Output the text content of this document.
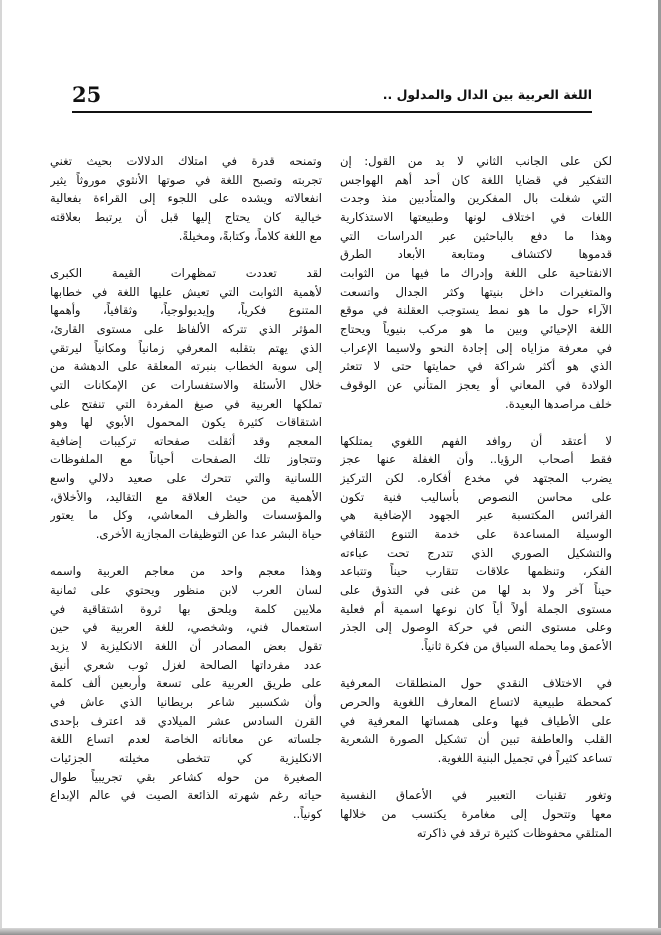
25	اللغة العربية بين الدال والمدلول ..

لكن على الجانب الثاني لا بد من القول: إن
التفكير في قضايا اللغة كان أحد أهم الهواجس
التي شغلت بال المفكرين والمتأدبين منذ وجدت
اللغات في اختلاف لونها وطبيعتها الاستذكارية
وهذا ما دفع بالباحثين عبر الدراسات التي
قدموها لاكتشاف ومتابعة الأبعاد الطرق
الانفتاحية على اللغة وإدراك ما فيها من الثوابت
والمتغيرات داخل بنيتها وكثر الجدال واتسعت
الآراء حول ما هو نمط يستوجب العقلنة في موقع
اللغة الإحيائي وبين ما هو مركب بنيوياً ويحتاج
في معرفة مزاياه إلى إجادة النحو ولاسيما الإعراب
الذي هو أكثر شراكة في حمايتها حتى لا تتعثر
الولادة في المعاني أو يعجز المتأني عن الوقوف
خلف مراصدها البعيدة.

لا أعتقد أن روافد الفهم اللغوي يمتلكها
فقط أصحاب الرؤيا.. وأن الغفلة عنها عجز
يضرب المجتهد في مخدع أفكاره. لكن التركيز
على محاسن النصوص بأساليب فنية تكون
الفرائس المكتسبة عبر الجهود الإضافية هي
الوسيلة المساعدة على خدمة التنوع الثقافي
والتشكيل الصوري الذي تتدرج تحت عباءته
الفكر، وتنظمها علاقات تتقارب حيناً وتتباعد
حيناً آخر ولا بد لها من غنى في التذوق على
مستوى الجملة أولاً أياً كان نوعها اسمية أم فعلية
وعلى مستوى النص في حركة الوصول إلى الجذر
الأعمق وما يحمله السياق من فكرة ثانياً.

في الاختلاف النقدي حول المنطلقات المعرفية
كمحطة طبيعية لاتساع المعارف اللغوية والحرص
على الأطياف فيها وعلى همساتها المعرفية في
القلب والعاطفة تبين أن تشكيل الصورة الشعرية
تساعد كثيراً في تجميل البنية اللغوية.

وتغور تقنيات التعبير في الأعماق النفسية
معها وتتحول إلى مغامرة يكتسب من خلالها
المتلقي محفوظات كثيرة ترقد في ذاكرته

وتمنحه قدرة في امتلاك الدلالات بحيث تغني
تجربته وتصبح اللغة في صوتها الأنثوي موروثاً يثير
انفعالاته ويشده على اللجوء إلى القراءة بفعالية
خيالية كان يحتاج إليها قبل أن يرتبط بعلاقته
مع اللغة كلاماً، وكتابةً، ومخيلةً.

لقد تعددت تمظهرات القيمة الكبرى
لأهمية الثوابت التي تعيش عليها اللغة في خطابها
المتنوع فكرياً، وإيديولوجياً، وثقافياً، وأهمها
المؤثر الذي تتركه الألفاظ على مستوى القارئ،
الذي يهتم بتقلبه المعرفي زمانياً ومكانياً ليرتقي
إلى سوية الخطاب بنبرته المعلقة على الدهشة من
خلال الأسئلة والاستفسارات عن الإمكانات التي
تملكها العربية في صيغ المفردة التي تنفتح على
اشتقاقات كثيرة يكون المحمول الأبوي لها وهو
المعجم وقد أثقلت صفحاته تركيبات إضافية
وتتجاوز تلك الصفحات أحياناً مع الملفوظات
اللسانية والتي تتحرك على صعيد دلالي واسع
الأهمية من حيث العلاقة مع التقاليد، والأخلاق،
والمؤسسات والظرف المعاشي، وكل ما يعتور
حياة البشر عدا عن التوظيفات المجازية الأخرى.

وهذا معجم واحد من معاجم العربية واسمه
لسان العرب لابن منظور ويحتوي على ثمانية
ملايين كلمة ويلحق بها ثروة اشتقاقية في
استعمال فني، وشخصي، للغة العربية في حين
تقول بعض المصادر أن اللغة الانكليزية لا يزيد
عدد مفرداتها الصالحة لغزل ثوب شعري أنيق
على طريق العربية على تسعة وأربعين ألف كلمة
وأن شكسبير شاعر بريطانيا الذي عاش في
القرن السادس عشر الميلادي قد اعترف بإحدى
جلساته عن معاناته الخاصة لعدم اتساع اللغة
الانكليزية كي تتخطى مخيلته الجزئيات
الصغيرة من حوله كشاعر بقي تجريبياً طوال
حياته رغم شهرته الذائعة الصيت في عالم الإبداع
كونياً..
